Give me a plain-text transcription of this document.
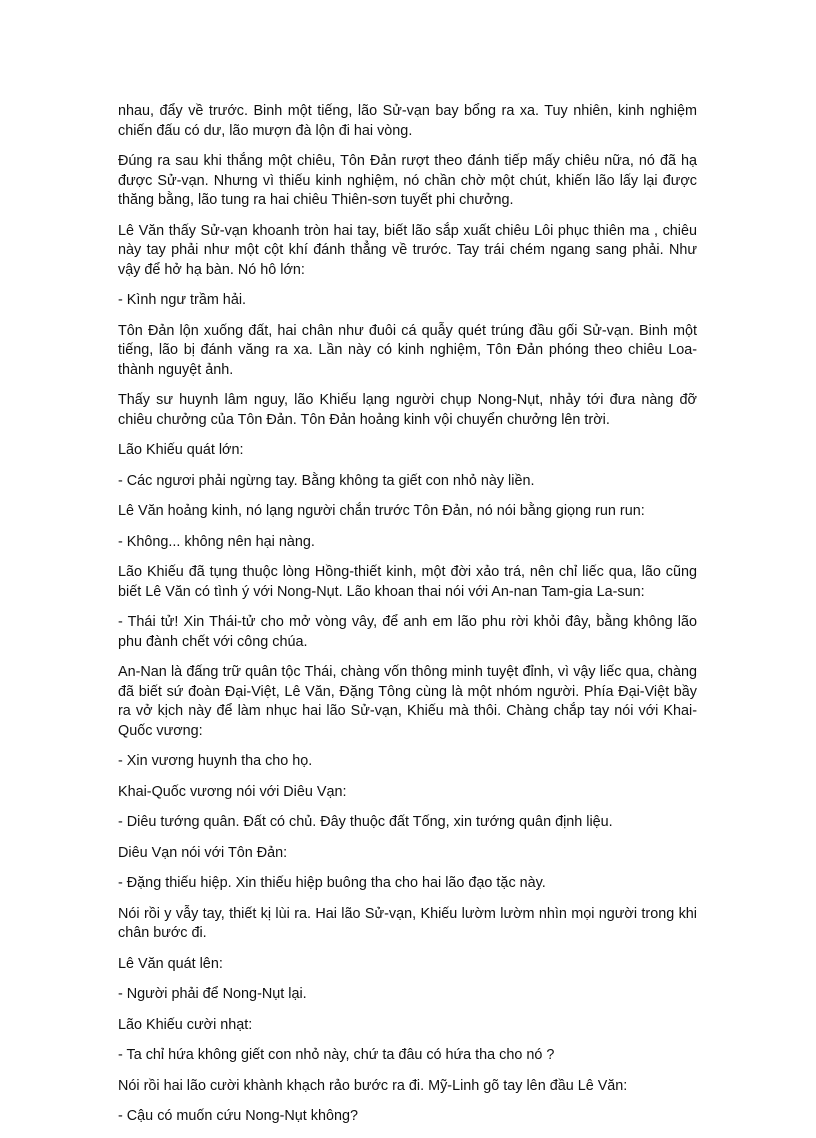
nhau, đẩy về trước. Binh một tiếng, lão Sử-vạn bay bổng ra xa. Tuy nhiên, kinh nghiệm chiến đấu có dư, lão mượn đà lộn đi hai vòng.

Đúng ra sau khi thắng một chiêu, Tôn Đản rượt theo đánh tiếp mấy chiêu nữa, nó đã hạ được Sử-vạn. Nhưng vì thiếu kinh nghiệm, nó chần chờ một chút, khiến lão lấy lại được thăng bằng, lão tung ra hai chiêu Thiên-sơn tuyết phi chưởng.

Lê Văn thấy Sử-vạn khoanh tròn hai tay, biết lão sắp xuất chiêu Lôi phục thiên ma , chiêu này tay phải như một cột khí đánh thẳng về trước. Tay trái chém ngang sang phải. Như vậy để hở hạ bàn. Nó hô lớn:

- Kình ngư trầm hải.

Tôn Đản lộn xuống đất, hai chân như đuôi cá quẫy quét trúng đầu gối Sử-vạn. Binh một tiếng, lão bị đánh văng ra xa. Lần này có kinh nghiệm, Tôn Đản phóng theo chiêu Loa-thành nguyệt ảnh.

Thấy sư huynh lâm nguy, lão Khiếu lạng người chụp Nong-Nụt, nhảy tới đưa nàng đỡ chiêu chưởng của Tôn Đản. Tôn Đản hoảng kinh vội chuyển chưởng lên trời.

Lão Khiếu quát lớn:

- Các ngươi phải ngừng tay. Bằng không ta giết con nhỏ này liền.

Lê Văn hoảng kinh, nó lạng người chắn trước Tôn Đản, nó nói bằng giọng run run:

- Không... không nên hại nàng.

Lão Khiếu đã tụng thuộc lòng Hồng-thiết kinh, một đời xảo trá, nên chỉ liếc qua, lão cũng biết Lê Văn có tình ý với Nong-Nụt. Lão khoan thai nói với An-nan Tam-gia La-sun:

- Thái tử! Xin Thái-tử cho mở vòng vây, để anh em lão phu rời khỏi đây, bằng không lão phu đành chết với công chúa.

An-Nan là đấng trữ quân tộc Thái, chàng vốn thông minh tuyệt đỉnh, vì vậy liếc qua, chàng đã biết sứ đoàn Đại-Việt, Lê Văn, Đặng Tông cùng là một nhóm người. Phía Đại-Việt bầy ra vở kịch này để làm nhục hai lão Sử-vạn, Khiếu mà thôi. Chàng chắp tay nói với Khai-Quốc vương:

- Xin vương huynh tha cho họ.

Khai-Quốc vương nói với Diêu Vạn:

- Diêu tướng quân. Đất có chủ. Đây thuộc đất Tống, xin tướng quân định liệu.

Diêu Vạn nói với Tôn Đản:

- Đặng thiếu hiệp. Xin thiếu hiệp buông tha cho hai lão đạo tặc này.

Nói rồi y vẫy tay, thiết kị lùi ra. Hai lão Sử-vạn, Khiếu lườm lườm nhìn mọi người trong khi chân bước đi.

Lê Văn quát lên:

- Người phải để Nong-Nụt lại.

Lão Khiếu cười nhạt:

- Ta chỉ hứa không giết con nhỏ này, chứ ta đâu có hứa tha cho nó ?

Nói rồi hai lão cười khành khạch rảo bước ra đi. Mỹ-Linh gõ tay lên đầu Lê Văn:

- Cậu có muốn cứu Nong-Nụt không?
